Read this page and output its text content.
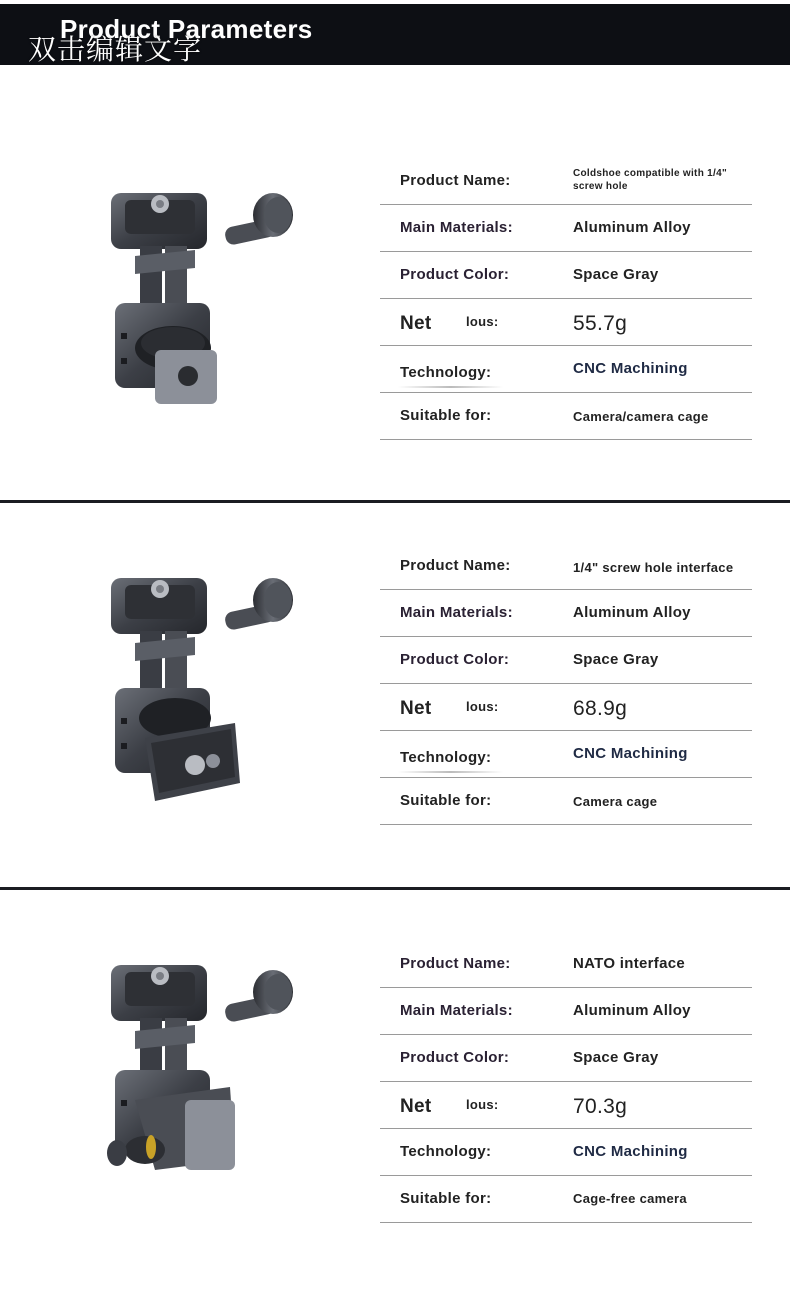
Product Parameters
双击编辑文字
Product Name:	Coldshoe compatible with 1/4" screw hole
Main Materials:	Aluminum Alloy
Product Color:	Space Gray
Net	lous:	55.7g
Technology:	CNC Machining
Suitable for:	Camera/camera cage
Product Name:	1/4" screw hole interface
Main Materials:	Aluminum Alloy
Product Color:	Space Gray
Net	lous:	68.9g
Technology:	CNC Machining
Suitable for:	Camera cage
Product Name:	NATO interface
Main Materials:	Aluminum Alloy
Product Color:	Space Gray
Net	lous:	70.3g
Technology:	CNC Machining
Suitable for:	Cage-free camera
